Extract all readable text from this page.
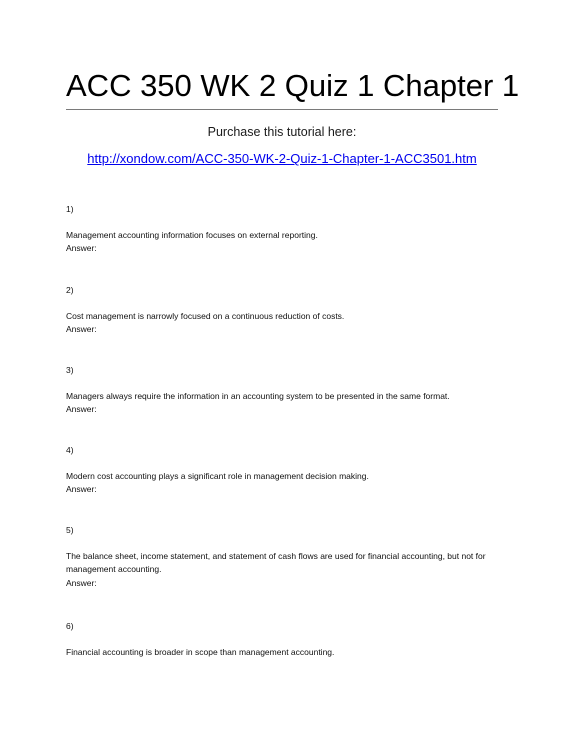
ACC 350 WK 2 Quiz 1 Chapter 1
Purchase this tutorial here:
http://xondow.com/ACC-350-WK-2-Quiz-1-Chapter-1-ACC3501.htm
1)
Management accounting information focuses on external reporting.
Answer:
2)
Cost management is narrowly focused on a continuous reduction of costs.
Answer:
3)
Managers always require the information in an accounting system to be presented in the same format.
Answer:
4)
Modern cost accounting plays a significant role in management decision making.
Answer:
5)
The balance sheet, income statement, and statement of cash flows are used for financial accounting, but not for management accounting.
Answer:
6)
Financial accounting is broader in scope than management accounting.
